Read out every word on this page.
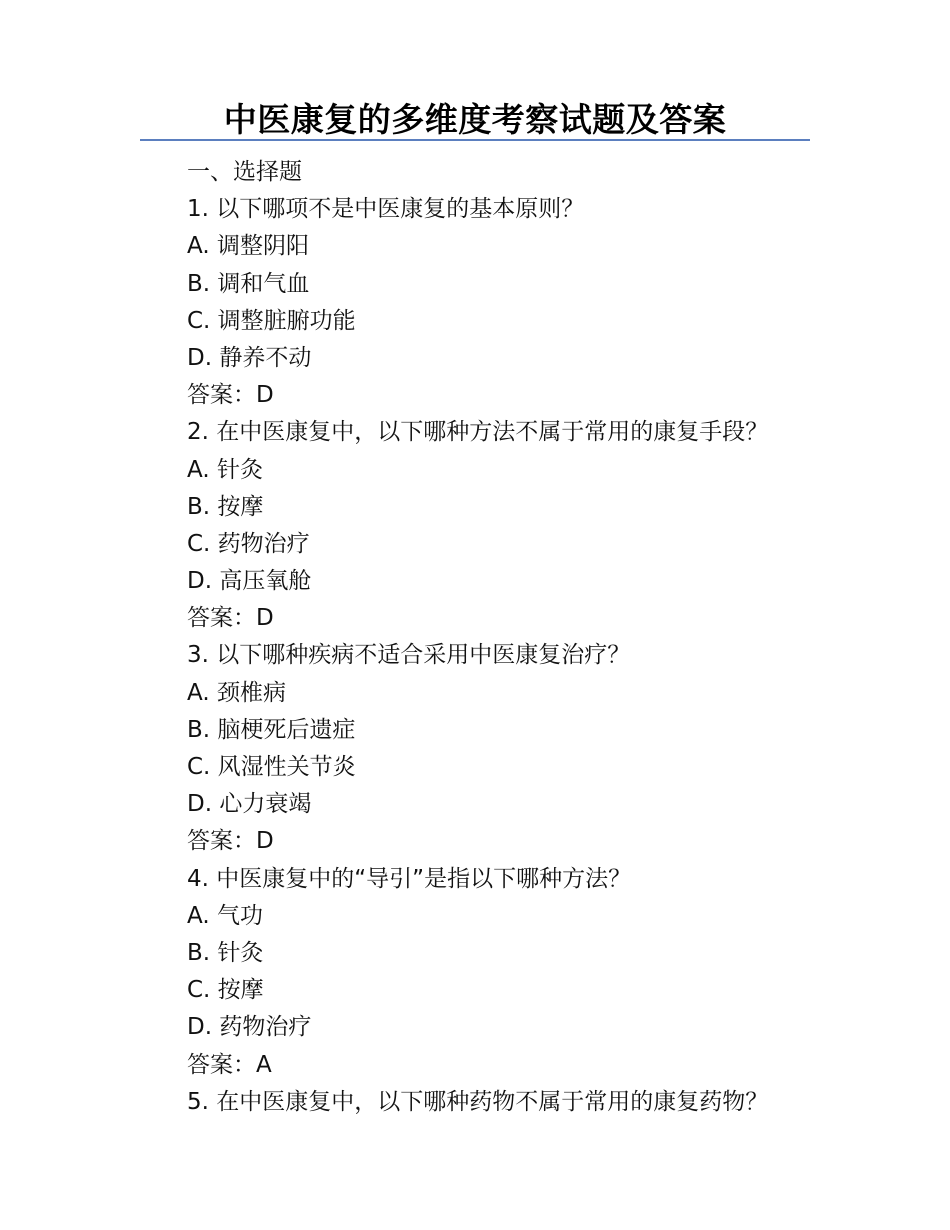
中医康复的多维度考察试题及答案
一、选择题
1. 以下哪项不是中医康复的基本原则？
A. 调整阴阳
B. 调和气血
C. 调整脏腑功能
D. 静养不动
答案：D
2. 在中医康复中，以下哪种方法不属于常用的康复手段？
A. 针灸
B. 按摩
C. 药物治疗
D. 高压氧舱
答案：D
3. 以下哪种疾病不适合采用中医康复治疗？
A. 颈椎病
B. 脑梗死后遗症
C. 风湿性关节炎
D. 心力衰竭
答案：D
4. 中医康复中的“导引”是指以下哪种方法？
A. 气功
B. 针灸
C. 按摩
D. 药物治疗
答案：A
5. 在中医康复中，以下哪种药物不属于常用的康复药物？
